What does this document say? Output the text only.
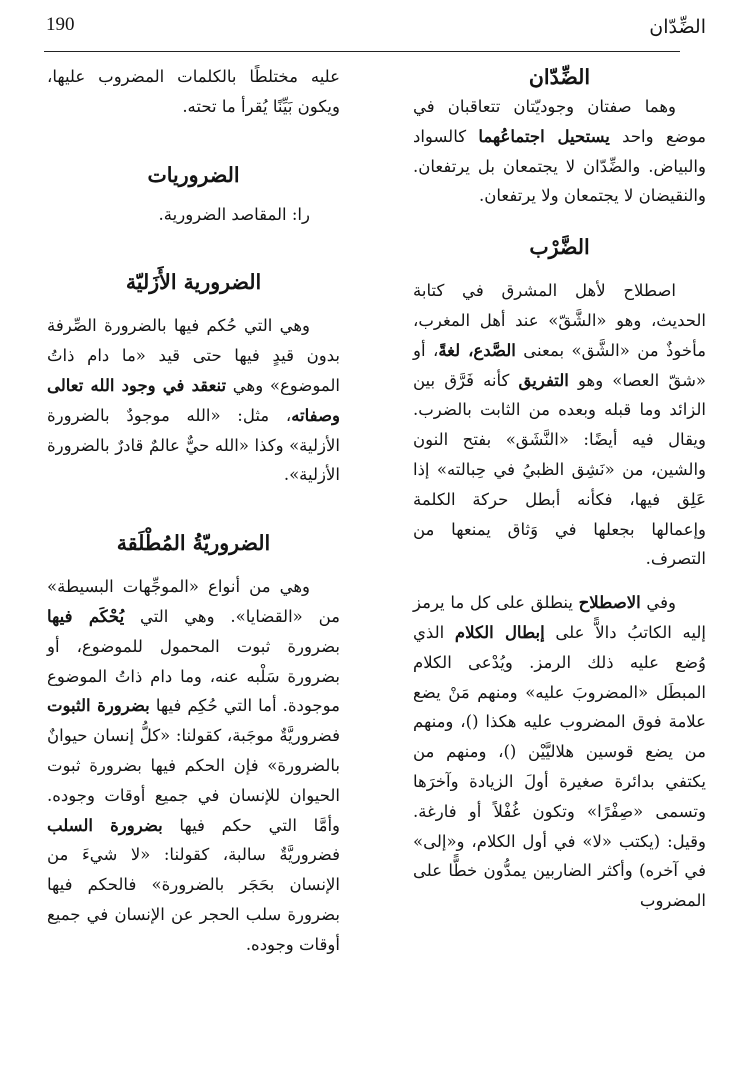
190	الضِّدّان
الضِّدّان

وهما صفتان وجوديّتان تتعاقبان في موضع واحد يستحيل اجتماعُهما كالسواد والبياض. والضِّدّان لا يجتمعان بل يرتفعان. والنقيضان لا يجتمعان ولا يرتفعان.

الضَّرْب

اصطلاح لأهل المشرق في كتابة الحديث، وهو «الشَّقّ» عند أهل المغرب، مأخوذٌ من «الشَّق» بمعنى الصَّدع، لغةً، أو «شقّ العصا» وهو التفريق كأنه فَرَّق بين الزائد وما قبله وبعده من الثابت بالضرب. ويقال فيه أيضًا: «النَّشَق» بفتح النون والشين، من «نَشِق الظبيُ في حِبالته» إذا عَلِق فيها، فكأنه أبطل حركة الكلمة وإعمالها بجعلها في وَثاق يمنعها من التصرف.

وفي الاصطلاح ينطلق على كل ما يرمز إليه الكاتبُ دالاًّ على إبطال الكلام الذي وُضع عليه ذلك الرمز. ويُدْعى الكلام المبطَل «المضروبَ عليه» ومنهم مَنْ يضع علامة فوق المضروب عليه هكذا ()، ومنهم من يضع قوسين هلاليَّيْن ()، ومنهم من يكتفي بدائرة صغيرة أولَ الزيادة وآخرَها وتسمى «صِفْرًا» وتكون غُفْلاً أو فارغة. وقيل: (يكتب «لا» في أول الكلام، و«إلى» في آخره) وأكثر الضاربين يمدُّون خطًّا على المضروب

عليه مختلطًا بالكلمات المضروب عليها، ويكون بَيِّنًا يُقرأ ما تحته.

الضروريات

را: المقاصد الضرورية.

الضرورية الأَزَليّة

وهي التي حُكم فيها بالضرورة الصِّرفة بدون قيدٍ فيها حتى قيد «ما دام ذاتُ الموضوع» وهي تنعقد في وجود الله تعالى وصفاته، مثل: «الله موجودٌ بالضرورة الأزلية» وكذا «الله حيٌّ عالمٌ قادرٌ بالضرورة الأزلية».

الضروريّةُ المُطْلَقة

وهي من أنواع «الموجِّهات البسيطة» من «القضايا». وهي التي يُحْكَم فيها بضرورة ثبوت المحمول للموضوع، أو بضرورة سَلْبه عنه، وما دام ذاتُ الموضوع موجودة. أما التي حُكِم فيها بضرورة الثبوت فضروريَّةٌ موجَبة، كقولنا: «كلُّ إنسان حيوانٌ بالضرورة» فإن الحكم فيها بضرورة ثبوت الحيوان للإنسان في جميع أوقات وجوده. وأمَّا التي حكم فيها بضرورة السلب فضروريَّةٌ سالبة، كقولنا: «لا شيءَ من الإنسان بحَجَر بالضرورة» فالحكم فيها بضرورة سلب الحجر عن الإنسان في جميع أوقات وجوده.
